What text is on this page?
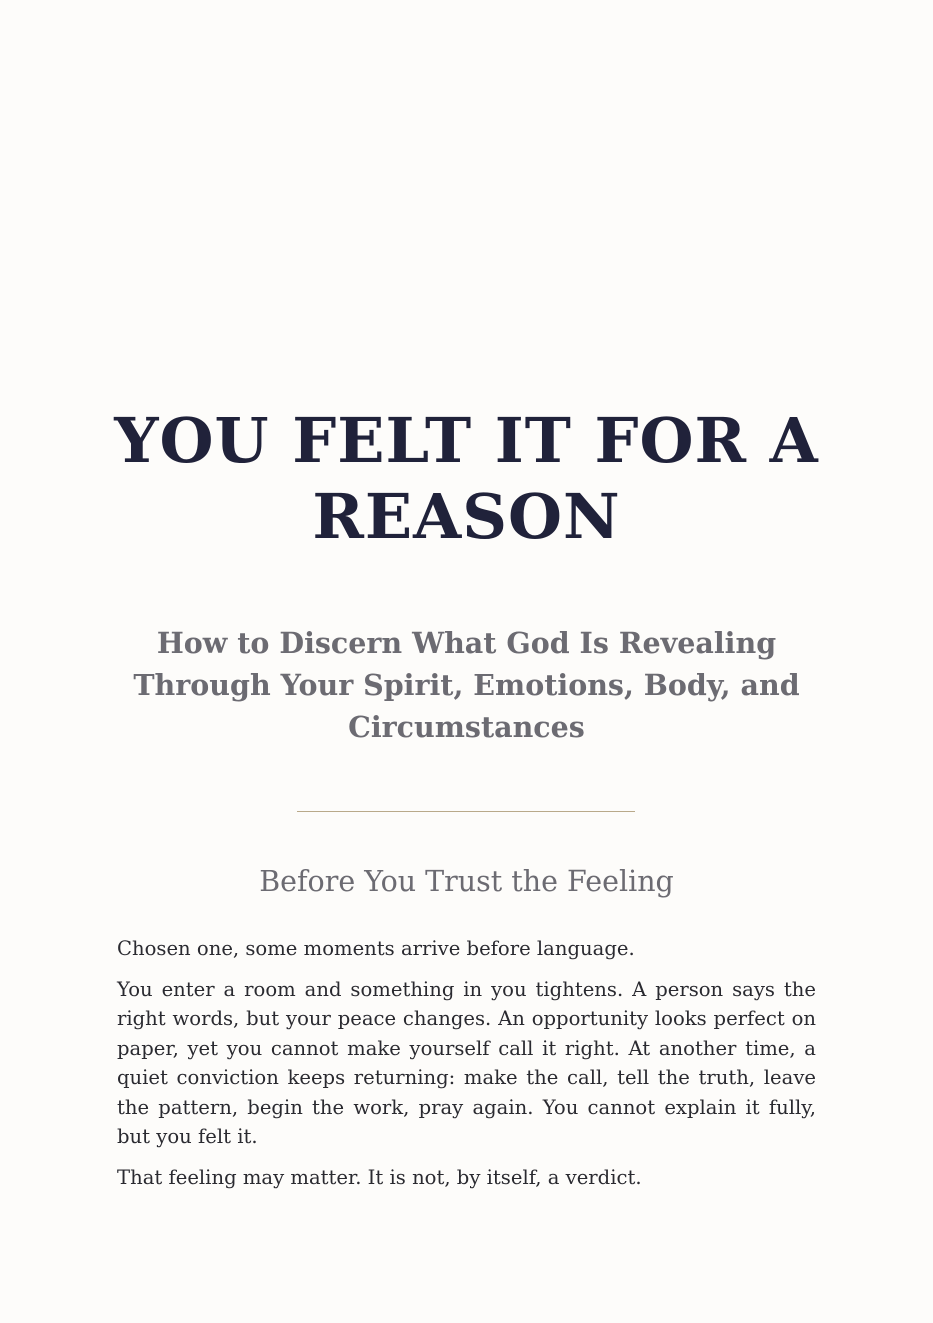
YOU FELT IT FOR A REASON
How to Discern What God Is Revealing Through Your Spirit, Emotions, Body, and Circumstances
Before You Trust the Feeling

Chosen one, some moments arrive before language.

You enter a room and something in you tightens. A person says the right words, but your peace changes. An opportunity looks perfect on paper, yet you cannot make yourself call it right. At another time, a quiet conviction keeps returning: make the call, tell the truth, leave the pattern, begin the work, pray again. You cannot explain it fully, but you felt it.

That feeling may matter. It is not, by itself, a verdict.
